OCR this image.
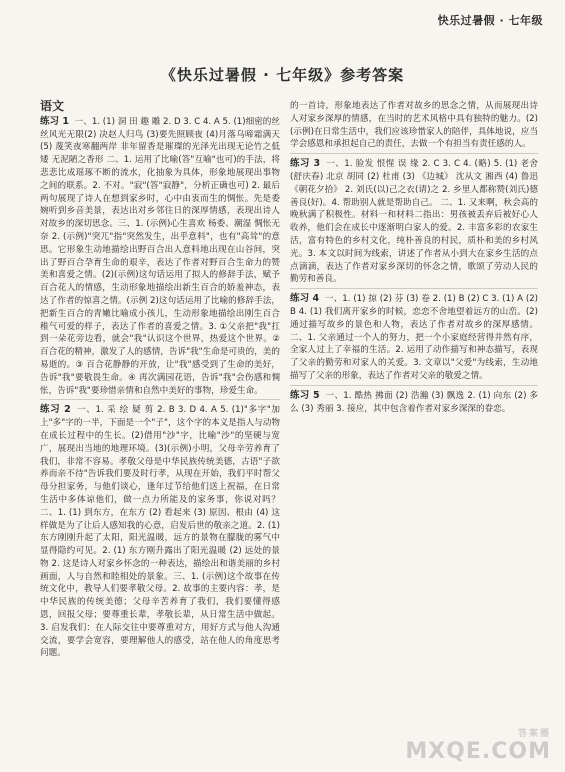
快乐过暑假 · 七年级
《快乐过暑假 · 七年级》参考答案
语文
练习 1 一、1. (1) 洞 田 趣 雕 2. D 3. C 4. A 5. (1)细密的丝丝风光无限(2) 决赵人归鸟 (3)要先照顾夜 (4)月落乌啼霜满天 (5) 蔑笑夜寒翻两岸 非年留香是璀璨的光泽光出现无论竹之低矮 无泥陋之香形 二、1. 运用了比喻(答"互喻"也可)的手法，将悲悲比成瑶琢不断的流水，化抽象为具体，形象地展现出事物之间的联系。2. 不对。"寂"(答"寂静"，分析正确也可) 2. 最后两句展现了诗人在想到家乡时，心中由衷而生的惆怅。先是委婉听到乡音美景，表达出对乡邻往日的深厚情感，表现出诗人对故乡的深切思念。三、1. (示例)心生喜欢 杨委、潮湿 惆怅无奈 2. (示例)"突兀"指"突然发生，出乎意料"，也有"高耸"的意思。它形象生动地描绘出野百合出人意料地出现在山谷间，突出了野百合孕育生命的艰辛，表达了作者对野百合生命力的赞美和喜爱之情。(2)(示例)这句话运用了拟人的修辞手法，赋予百合花人的情感，生动形象地描绘出新生百合的娇羞神态，表达了作者的惊喜之情。(示例 2)这句话运用了比喻的修辞手法，把新生百合的青嫩比喻成小孩儿，生动形象地描绘出刚生百合稚气可爱的样子，表达了作者的喜爱之情。3. ①父亲把"我"扛到一朵花旁边看，就会"我"认识这个世界，热爱这个世界。② 百合花的精神，激发了人的感情，告诉"我"生命是可贵的，美的易逝的。③ 百合花静静的开放，让"我"感受到了生命的美好，告诉"我"要敬畏生命。④ 再次满园花语，告诉"我"会伤感和惆怅，告诉"我"要珍惜亲情和自然中美好的事物，珍爱生命。
练习 2 一、1. 采 绘 疑 剪 2. B 3. D 4. A 5. (1)"多字"加上"多"字的一半，下面是一个"子"，这个字的本义是指人与动物在成长过程中的生长。(2)借用"沙"字，比喻"沙"的坚硬与宽广，展现出当地的地理环境。(3)(示例)小明，父母辛劳养育了我们，非常不容易。孝敬父母是中华民族传统美德，古语"子欲养而亲不待"告诉我们要及时行孝，从现在开始，我们平时帮父母分担家务，与他们谈心，逢年过节给他们送上祝福，在日常生活中多体谅他们，做一点力所能及的家务事，你说对吗？ 二、1. (1) 到东方，在东方 (2) 看起来 (3) 原因、根由 (4) 这样做是为了让后人感知我的心意，启发后世的敬亲之道。2. (1) 东方刚刚升起了太阳，阳光温暖，远方的景物在朦胧的雾气中显得隐约可见。2. (1) 东方刚升露出了阳光温暖 (2) 远处的景物 2. 这是诗人对家乡怀念的一种表达，描绘出和谐美丽的乡村画面，人与自然和睦相处的景象。三、1. (示例)这个故事在传统文化中，教导人们要孝敬父母。2. 故事的主要内容：孝，是中华民族的传统美德；父母辛苦养育了我们，我们要懂得感恩，回报父母；要尊重长辈，孝敬长辈，从日常生活中做起。3. 启发我们：在人际交往中要尊重对方，用好方式与他人沟通交流，要学会宽容，要理解他人的感受，站在他人的角度思考问题。
的一首诗，形象地表达了作者对故乡的思念之情，从而展现出诗人对家乡深厚的情感，在当时的艺术风格中具有独特的魅力。(2)(示例)在日常生活中，我们应该珍惜家人的陪伴，具体地说，应当学会感恩和承担起自己的责任，去做一个有担当有责任感的人。
练习 3 一、1. 脸发 恨惺 误 缘 2. C 3. C 4. (略) 5. (1) 老舍(舒庆春) 北京 胡同 (2) 杜甫 (3) 《边城》 沈从文 湘西 (4) 鲁迅 《朝花夕拾》 2. 刘氏(以)己之衣(请)之 2. 乡里人都称赞(刘氏)德善良(好)。4. 帮助别人就是帮助自己。 二、1. 又来啊，秋会高的晚秋满了积极性。材料一和材料二指出：男孩被丢弃后被好心人收养，他们会在成长中逐渐明白家人的爱。2. 丰富多彩的农家生活，富有特色的乡村文化，纯朴善良的村民，质朴和美的乡村风光。3. 本文以时间为线索，讲述了作者从小到大在家乡生活的点点滴滴，表达了作者对家乡深切的怀念之情，歌颂了劳动人民的勤劳和善良。
练习 4 一、1. (1) 掠 (2) 芬 (3) 卷 2. (1) B (2) C 3. (1) A (2) B 4. (1) 我们离开家乡的时候，恋恋不舍地望着远方的山峦。(2) 通过描写故乡的景色和人物，表达了作者对故乡的深厚感情。二、1. 父亲通过一个人的努力，把一个小家庭经营得井然有序，全家人过上了幸福的生活。2. 运用了动作描写和神态描写，表现了父亲的勤劳和对家人的关爱。3. 文章以"父爱"为线索，生动地描写了父亲的形象，表达了作者对父亲的敬爱之情。
练习 5 一、1. 酷热 拂面 (2) 浩瀚 (3) 飘逸 2. (1) 向东 (2) 多么 (3) 秀丽 3. 接应，其中包含着作者对家乡深深的眷恋。
答案圈
MXQE.COM
